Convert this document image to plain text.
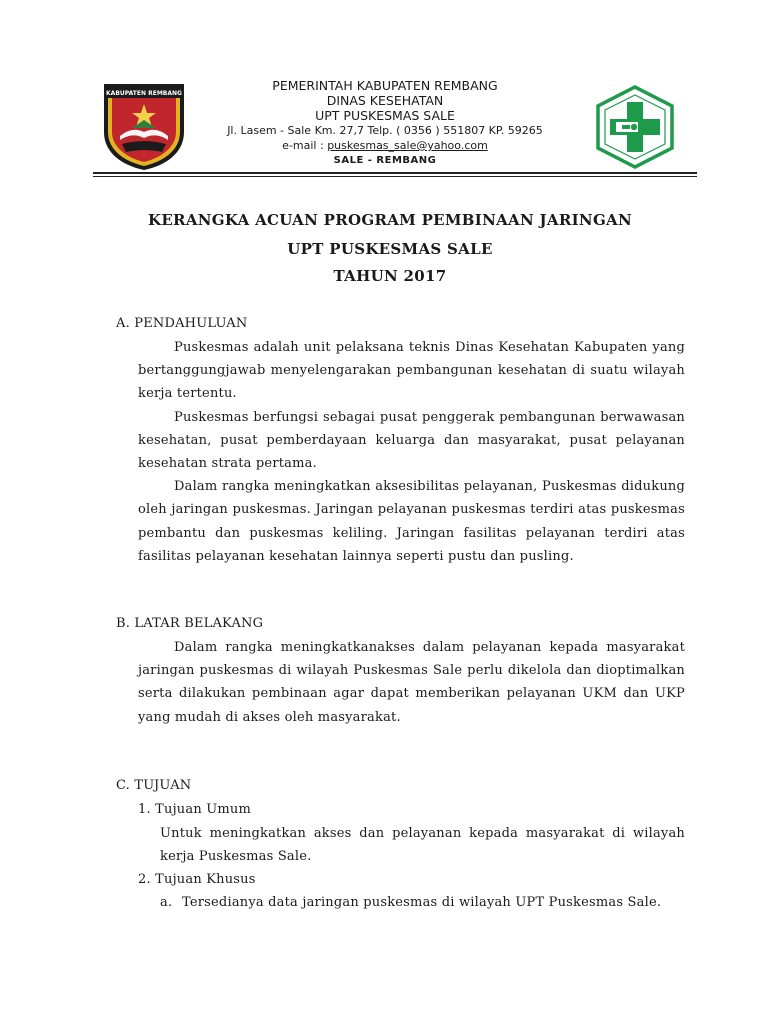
KABUPATEN REMBANG
PEMERINTAH KABUPATEN REMBANG
DINAS KESEHATAN
UPT PUSKESMAS SALE
Jl. Lasem - Sale Km. 27,7 Telp. ( 0356 ) 551807 KP. 59265
e-mail : puskesmas_sale@yahoo.com
SALE - REMBANG
KERANGKA ACUAN PROGRAM PEMBINAAN JARINGAN
UPT PUSKESMAS SALE
TAHUN 2017
A. PENDAHULUAN

Puskesmas adalah unit pelaksana teknis Dinas Kesehatan Kabupaten yang bertanggungjawab menyelengarakan pembangunan kesehatan di suatu wilayah kerja tertentu.

Puskesmas berfungsi sebagai pusat penggerak pembangunan berwawasan kesehatan, pusat pemberdayaan keluarga dan masyarakat, pusat pelayanan kesehatan strata pertama.

Dalam rangka meningkatkan aksesibilitas pelayanan, Puskesmas didukung oleh jaringan puskesmas. Jaringan pelayanan puskesmas terdiri atas puskesmas pembantu dan puskesmas keliling. Jaringan fasilitas pelayanan terdiri atas fasilitas pelayanan kesehatan lainnya seperti pustu dan pusling.

B. LATAR BELAKANG

Dalam rangka meningkatkanakses dalam pelayanan kepada masyarakat jaringan puskesmas di wilayah Puskesmas Sale perlu dikelola dan dioptimalkan serta dilakukan pembinaan agar dapat memberikan pelayanan UKM dan UKP yang mudah di akses oleh masyarakat.

C. TUJUAN
1. Tujuan Umum

Untuk meningkatkan akses dan pelayanan kepada masyarakat di wilayah kerja Puskesmas Sale.

2. Tujuan Khusus
a. Tersedianya data jaringan puskesmas di wilayah UPT Puskesmas Sale.
